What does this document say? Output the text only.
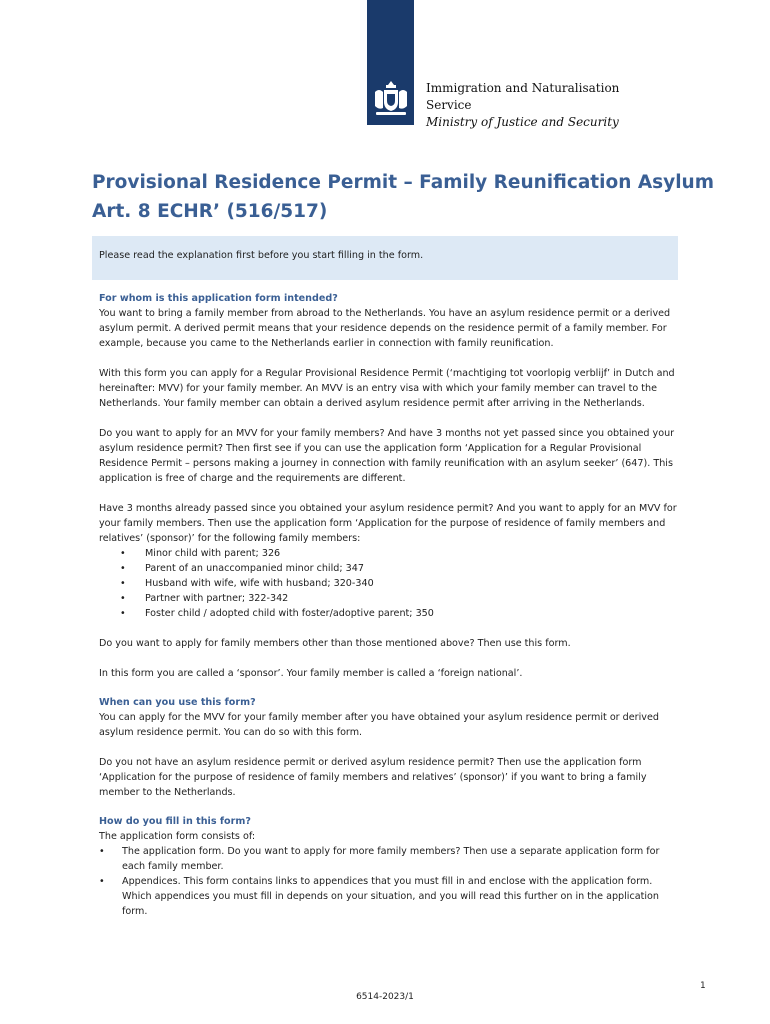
Immigration and Naturalisation
Service
Ministry of Justice and Security
Provisional Residence Permit – Family Reunification Asylum Art. 8 ECHR’ (516/517)
Please read the explanation first before you start filling in the form.
For whom is this application form intended?

You want to bring a family member from abroad to the Netherlands. You have an asylum residence permit or a derived asylum permit. A derived permit means that your residence depends on the residence permit of a family member. For example, because you came to the Netherlands earlier in connection with family reunification.

With this form you can apply for a Regular Provisional Residence Permit (‘machtiging tot voorlopig verblijf’ in Dutch and hereinafter: MVV) for your family member. An MVV is an entry visa with which your family member can travel to the Netherlands. Your family member can obtain a derived asylum residence permit after arriving in the Netherlands.

Do you want to apply for an MVV for your family members? And have 3 months not yet passed since you obtained your asylum residence permit? Then first see if you can use the application form ‘Application for a Regular Provisional Residence Permit – persons making a journey in connection with family reunification with an asylum seeker’ (647). This application is free of charge and the requirements are different.

Have 3 months already passed since you obtained your asylum residence permit? And you want to apply for an MVV for your family members. Then use the application form ‘Application for the purpose of residence of family members and relatives’ (sponsor)’ for the following family members:

• Minor child with parent; 326
• Parent of an unaccompanied minor child; 347
• Husband with wife, wife with husband; 320-340
• Partner with partner; 322-342
• Foster child / adopted child with foster/adoptive parent; 350

Do you want to apply for family members other than those mentioned above? Then use this form.

In this form you are called a ‘sponsor’. Your family member is called a ‘foreign national’.

When can you use this form?

You can apply for the MVV for your family member after you have obtained your asylum residence permit or derived asylum residence permit. You can do so with this form.

Do you not have an asylum residence permit or derived asylum residence permit? Then use the application form ‘Application for the purpose of residence of family members and relatives’ (sponsor)’ if you want to bring a family member to the Netherlands.

How do you fill in this form?
The application form consists of:
• The application form. Do you want to apply for more family members? Then use a separate application form for each family member.
• Appendices. This form contains links to appendices that you must fill in and enclose with the application form. Which appendices you must fill in depends on your situation, and you will read this further on in the application form.
1
6514-2023/1
